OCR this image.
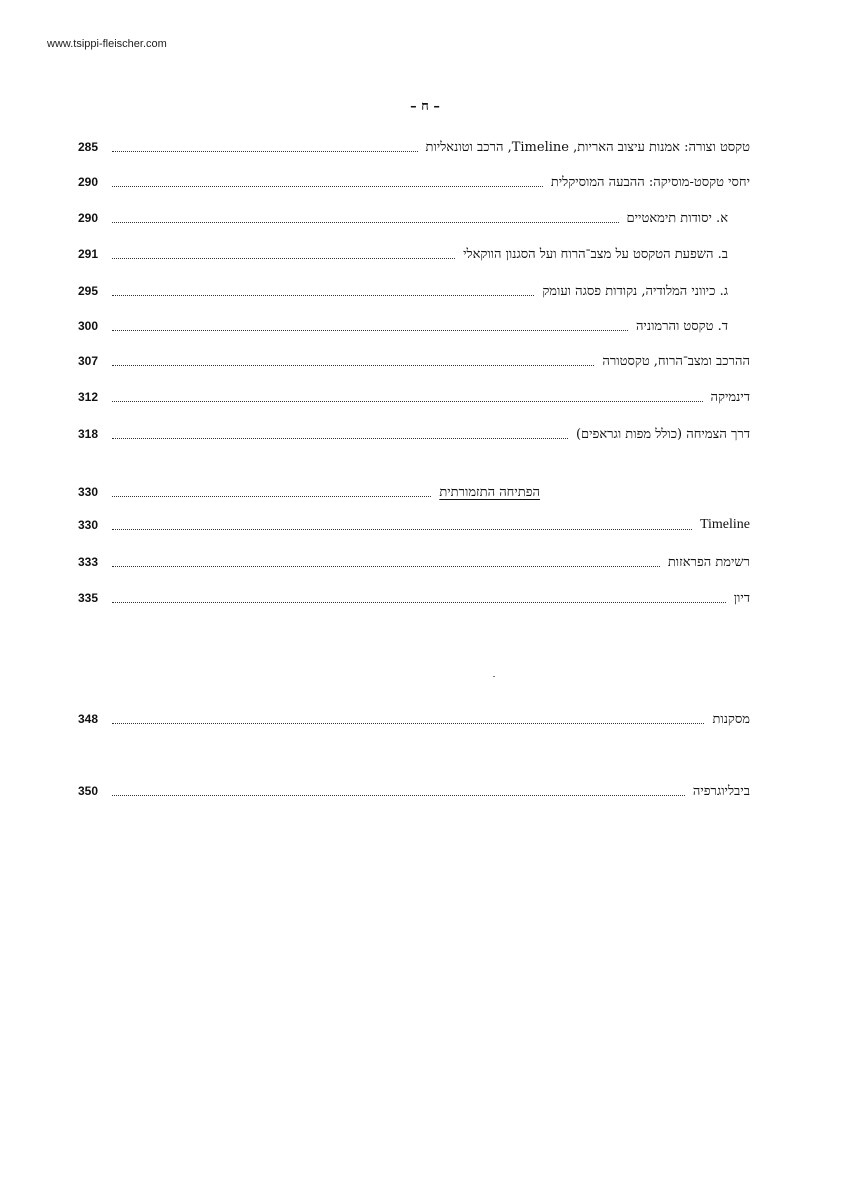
www.tsippi-fleischer.com
– ח –
טקסט וצורה: אמנות עיצוב האריות, Timeline, הרכב וטונאליות
285
יחסי טקסט-מוסיקה: ההבעה המוסיקלית
290
א. יסודות תימאטיים
290
ב. השפעת הטקסט על מצב־הרוח ועל הסגנון הווקאלי
291
ג. כיווני המלודיה, נקודות פסגה ועומק
295
ד. טקסט והרמוניה
300
ההרכב ומצב־הרוח, טקסטורה
307
דינמיקה
312
דרך הצמיחה (כולל מפות וגראפים)
318
הפתיחה התזמורתית
330
Timeline
330
רשימת הפראזות
333
דיון
335
מסקנות
348
ביבליוגרפיה
350
